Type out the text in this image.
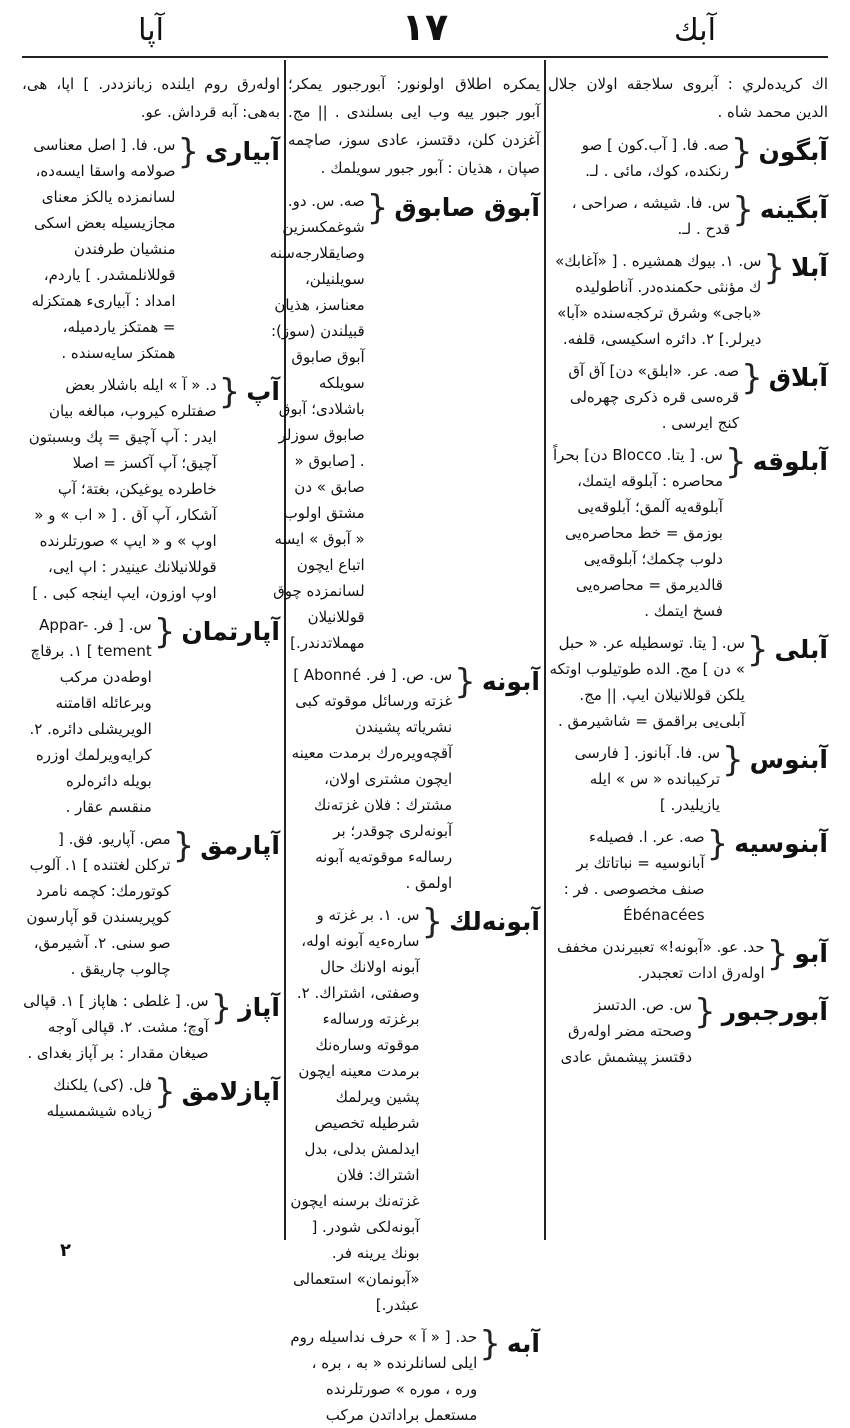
آپا	١٧	آبك

اك كريده‌لري : آبروی سلاجقه اولان جلال الدين محمد شاه .

آبگون
{
صه. فا. [ آب.كون ] صو رنكنده، كوك، مائی . لـ.
آبگينه
{
س. فا. شيشه ، صراحی ، قدح . لـ.
آبلا
{
س. ١. بيوك همشيره . [ «آغابك» ك مؤنثی حكمنده‌در. آناطوليده «باجی» وشرق تركجه‌سنده «آبا» ديرلر.] ٢. دائره اسكيسی، قلفه.
آبلاق
{
صه. عر. «ابلق» دن] آق آق قره‌سی قره ذكری چهره‌لی كنج ايرسی .
آبلوقه
{
س. [ يتا. Blocco دن] بحراً محاصره : آبلوقه ايتمك، آبلوقه‌يه آلمق؛ آبلوقه‌يی بوزمق = خط محاصره‌يی دلوب چكمك؛ آبلوقه‌يی قالديرمق = محاصره‌يی فسخ ايتمك .
آبلی
{
س. [ يتا. توسطيله عر. « حبل » دن ] مج. الده طوتيلوب اوتكه يلكن قوللانيلان ايپ. || مج. آبلی‌يی براقمق = شاشيرمق .
آبنوس
{
س. فا. آبانوز. [ فار‌سی تركيبانده « س » ايله يازيليدر. ]
آبنوسيه
{
صه. عر. ا. فصيله‌ء آبانوسيه = نباتاتك بر صنف مخصوصی . فر : Ébénacées
آبو
{
حد. عو. «آبونه!» تعبيرندن مخفف اوله‌رق ادات تعجبدر.
آبورجبور
{
س. ص. الدتسز وصحته مضر او‌له‌رق دقتسز پيشمش عادی

يمكره اطلاق اولونور: آبورجبور يمكر؛ آبور جبور ييه وب ايی بسلندی . || مج. آغزدن كلن، دقتسز، عادی سوز، صاچمه صپان ، هذيان : آبور جبور سويلمك .

آبوق صابوق
{
صه. س. دو. شوغمكسزين وصايقلارجه‌سنه سويلنيلن، معناسز، هذيان قبيلندن (سوز): آبوق صابوق سويلكه باشلادی؛ آبوق صابوق سوزلر . [صابوق « صابق » دن مشتق اولوب « آبوق » ايسه اتباع ايچون لسانمزده چوق قوللانيلان مهملاتدندر.]
آبونه
{
س. ص. [ فر. Abonné ] غزته ورسائل موقوته كبی نشرياته پشيندن آقچه‌ويره‌رك برمدت معينه ايچون مشتری اولان، مشترك : فلان غزته‌نك آبونه‌لری چوقدر؛ بر رساله‌ء موقوته‌يه آبونه اولمق .
آبونه‌لك
{
س. ١. بر غزته و ساره‌ء‌يه آبونه اوله، آبونه اولانك حال وصفتی، اشتراك. ٢. برغزته ورساله‌ء موقوته وساره‌نك برمدت معينه ايچون پشين ويرلمك شرطيله تخصيص ايدلمش بدلی، بدل اشتراك: فلان غزته‌نك برسنه ايچون آبونه‌لكی شودر. [ بونك يرينه فر. «آبونمان» استعمالی عبثدر.]
آبه
{
حد. [ « آ » حرف نداسيله روم ايلی لسانلرنده « به ، بره ، وره ، موره » صورتلرنده مستعمل براداتدن مركب

اوله‌رق روم ايلنده زبانزددر. ] اپا، هی، به‌هی: آبه قرداش. عو.

آبياری
{
س. فا. [ اصل معناسی صولامه واسقا ايسه‌ده، لسانمزده يالكز معنای مجازيسيله بعض اسكی منشيان طرفندن قوللانلمشدر. ] ياردم، امداد : آبياری‌ء همتكزله = همتكز ياردميله، همتكز سايه‌سنده .
آپ
{
د. « آ » ايله باشلار بعض صفتلره كيروب، مبالغه بيان ايدر : آپ آچيق = پك وبسبتون آچيق؛ آپ آكسز = اصلا خاطرده يوغيكن، بغتة؛ آپ آشكار، آپ آق . [ « اب » و « اوپ » و « ايپ » صورتلرنده قوللانيلانك عينيدر : اپ ايی، اوپ اوزون، ايپ اينجه كبی . ]
آپارتمان
{
س. [ فر. Appar- tement ] ١. برقاچ اوطه‌دن مركب وبرعائله اقامتنه الويريشلی دائره. ٢. كرايه‌ويرلمك اوزره بويله دائره‌لره منقسم عقار .
آپارمق
{
مص. آپاريو. فق. [ تركلن لغتنده ] ١. آلوب كوتورمك: كچمه نامرد كوپريسندن قو آپارسون صو سنی. ٢. آشيرمق، چالوب چاريقق .
آپاز
{
س. [ غلطی : هاپاز ] ١. قپالی آوچ؛ مشت. ٢. قپالی آوجه صيغان مقدار : بر آپاز بغدای .
آپازلامق
{
فل. (كی) يلكنك زياده شيشمسيله
٢
